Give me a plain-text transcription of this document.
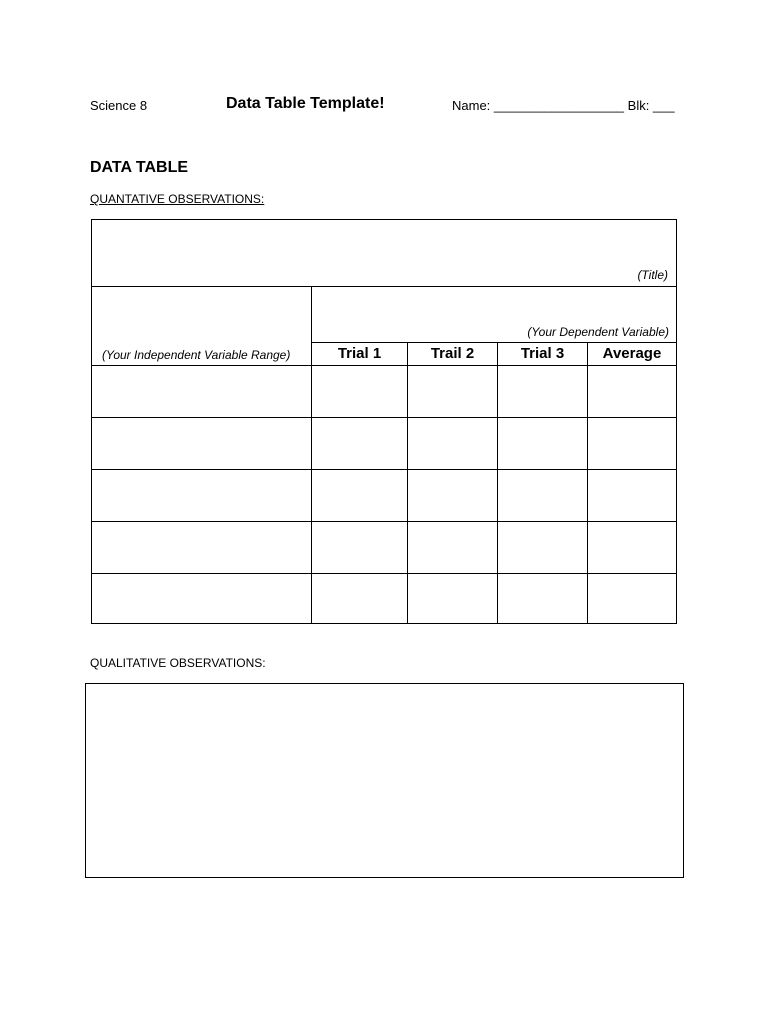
Science 8	Data Table Template!	Name: __________________ Blk: ___
DATA TABLE
QUANTATIVE OBSERVATIONS:
(Title)
(Your Dependent Variable)
(Your Independent Variable Range)	Trial 1	Trail 2	Trial 3	Average
QUALITATIVE OBSERVATIONS:
